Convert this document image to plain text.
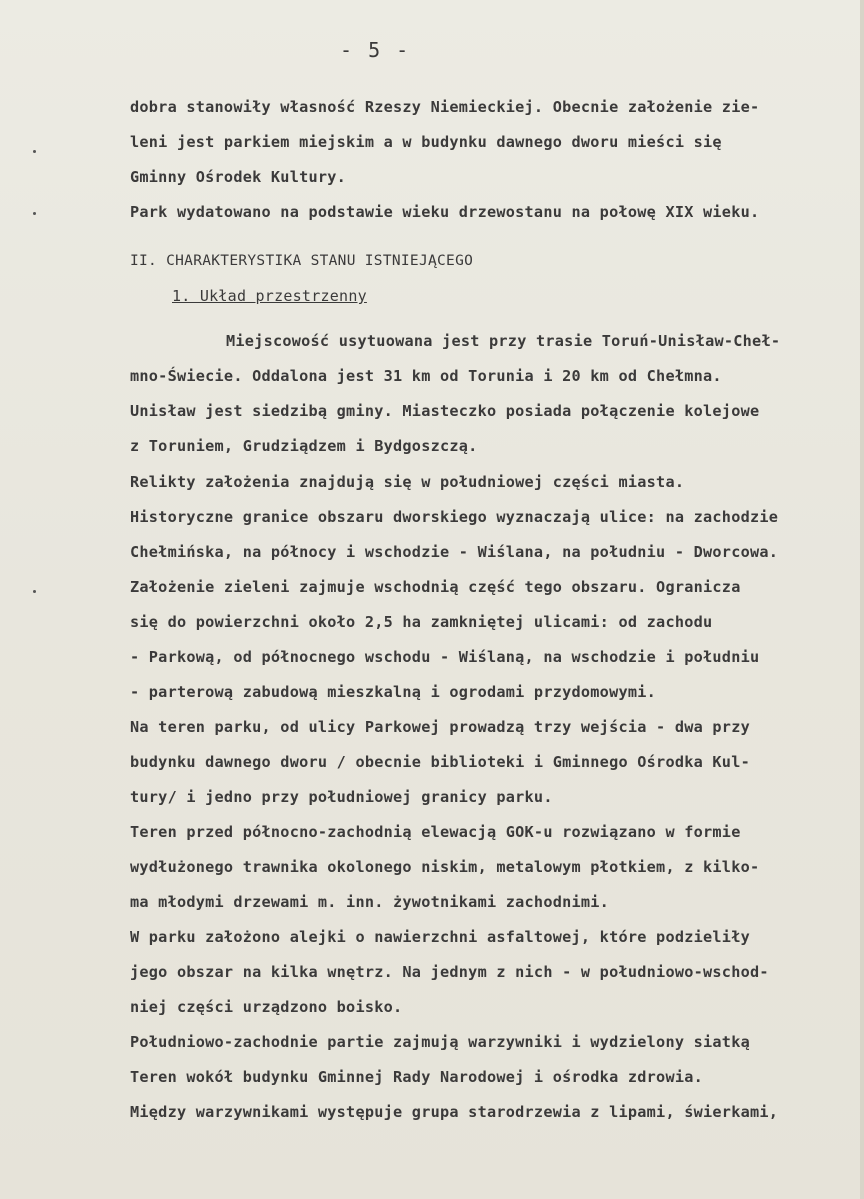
- 5 -
dobra stanowiły własność Rzeszy Niemieckiej. Obecnie założenie zie-
leni jest parkiem miejskim a w budynku dawnego dworu mieści się
Gminny Ośrodek Kultury.
Park wydatowano na podstawie wieku drzewostanu na połowę XIX wieku.
II. CHARAKTERYSTIKA STANU ISTNIEJĄCEGO
1. Układ przestrzenny
Miejscowość usytuowana jest przy trasie Toruń-Unisław-Cheł-
mno-Świecie. Oddalona jest 31 km od Torunia i 20 km od Chełmna.
Unisław jest siedzibą gminy. Miasteczko posiada połączenie kolejowe
z Toruniem, Grudziądzem i Bydgoszczą.
Relikty założenia znajdują się w południowej części miasta.
Historyczne granice obszaru dworskiego wyznaczają ulice: na zachodzie
Chełmińska, na północy i wschodzie - Wiślana, na południu - Dworcowa.
Założenie zieleni zajmuje wschodnią część tego obszaru. Ogranicza
się do powierzchni około 2,5 ha zamkniętej ulicami: od zachodu
- Parkową, od północnego wschodu - Wiślaną, na wschodzie i południu
- parterową zabudową mieszkalną i ogrodami przydomowymi.
Na teren parku, od ulicy Parkowej prowadzą trzy wejścia - dwa przy
budynku dawnego dworu / obecnie biblioteki i Gminnego Ośrodka Kul-
tury/ i jedno przy południowej granicy parku.
Teren przed północno-zachodnią elewacją GOK-u rozwiązano w formie
wydłużonego trawnika okolonego niskim, metalowym płotkiem, z kilko-
ma młodymi drzewami m. inn. żywotnikami zachodnimi.
W parku założono alejki o nawierzchni asfaltowej, które podzieliły
jego obszar na kilka wnętrz. Na jednym z nich - w południowo-wschod-
niej części urządzono boisko.
Południowo-zachodnie partie zajmują warzywniki i wydzielony siatką
Teren wokół budynku Gminnej Rady Narodowej i ośrodka zdrowia.
Między warzywnikami występuje grupa starodrzewia z lipami, świerkami,
